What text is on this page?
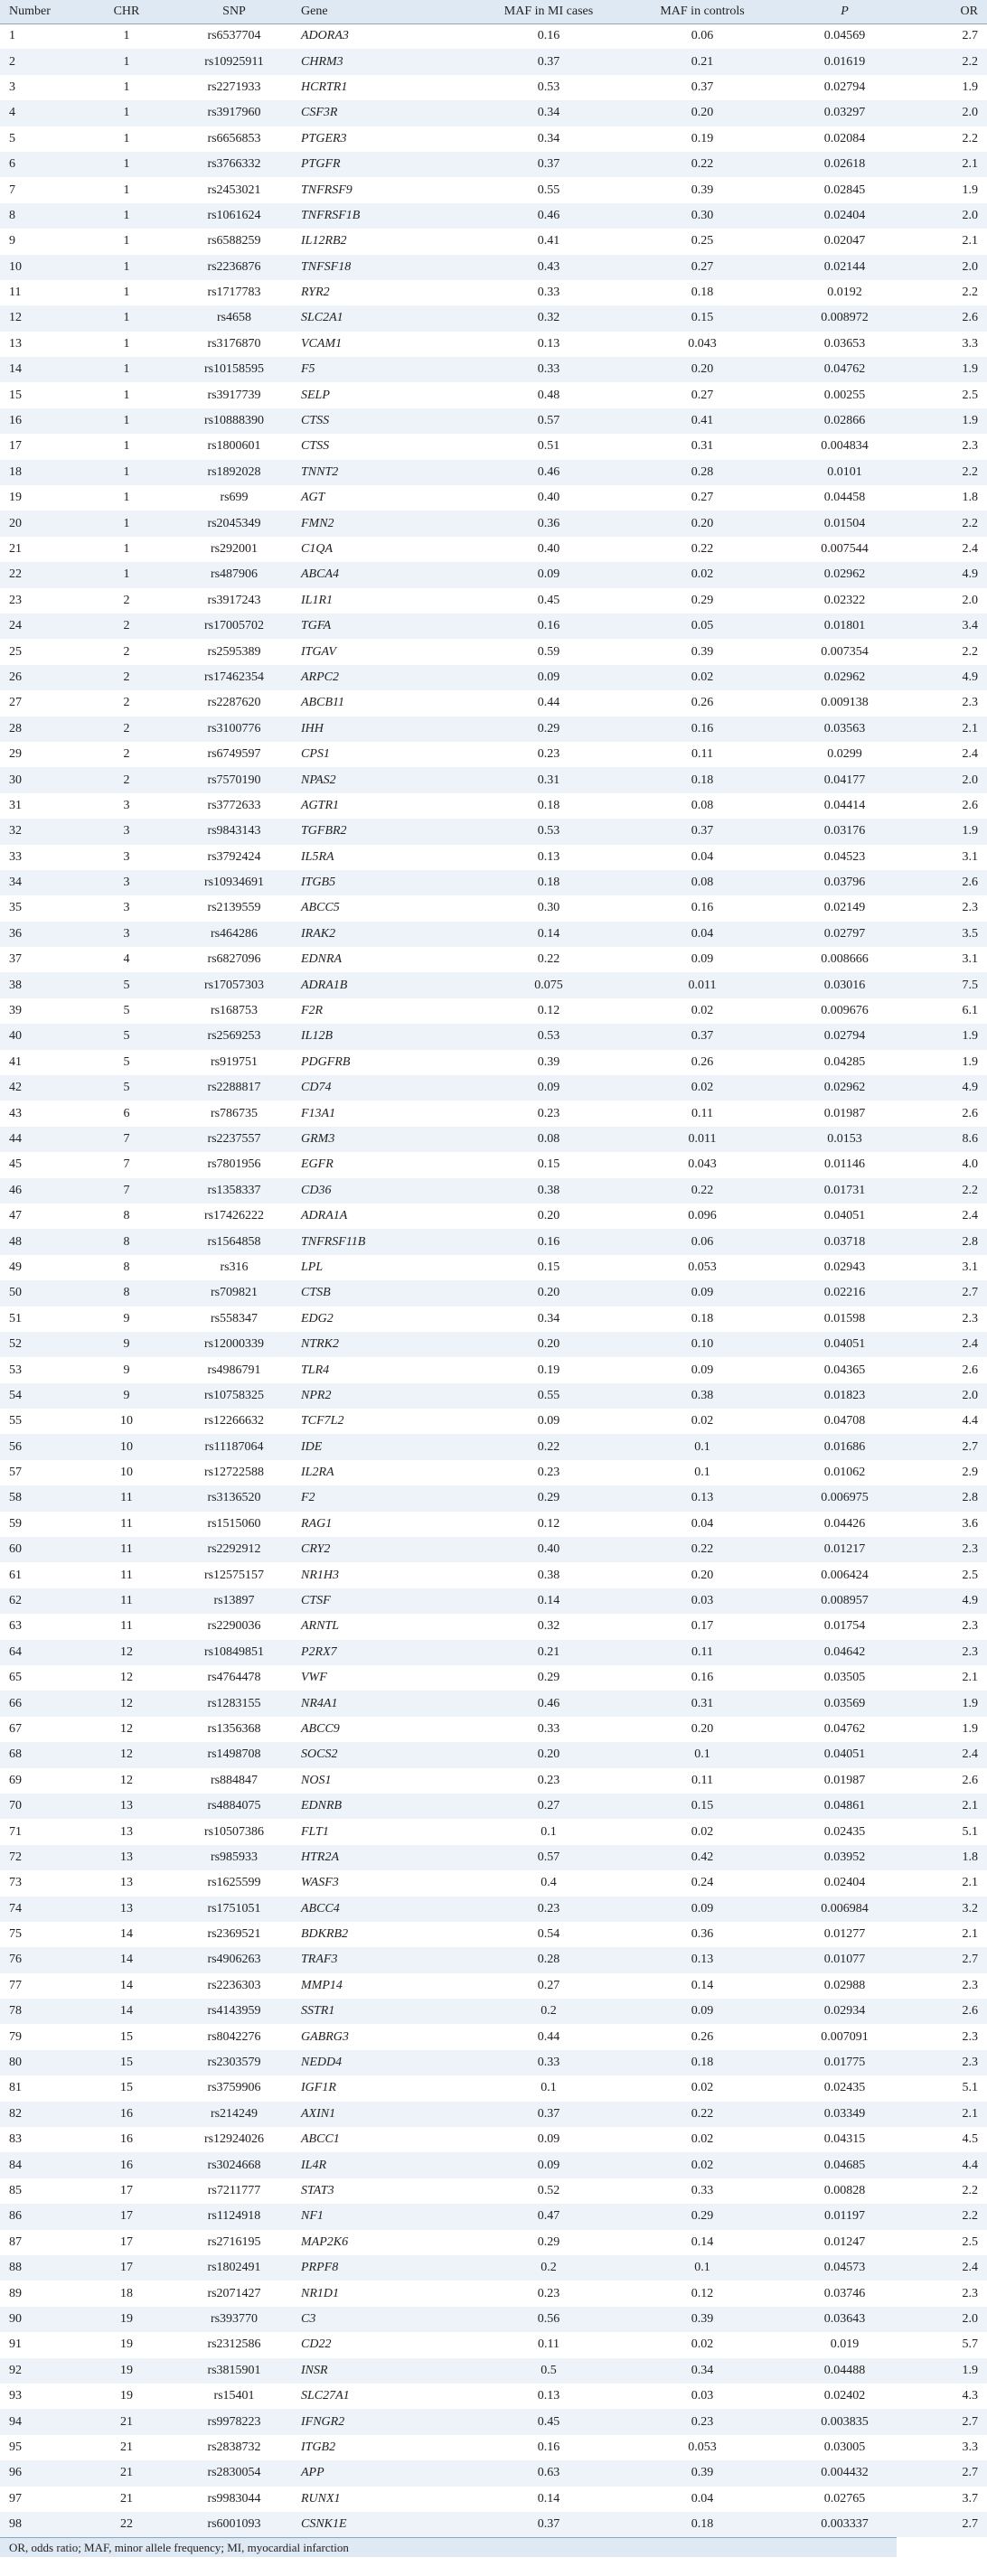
Number	CHR	SNP	Gene	MAF in MI cases	MAF in controls	P	OR
1	1	rs6537704	ADORA3	0.16	0.06	0.04569	2.7
2	1	rs10925911	CHRM3	0.37	0.21	0.01619	2.2
3	1	rs2271933	HCRTR1	0.53	0.37	0.02794	1.9
4	1	rs3917960	CSF3R	0.34	0.20	0.03297	2.0
5	1	rs6656853	PTGER3	0.34	0.19	0.02084	2.2
6	1	rs3766332	PTGFR	0.37	0.22	0.02618	2.1
7	1	rs2453021	TNFRSF9	0.55	0.39	0.02845	1.9
8	1	rs1061624	TNFRSF1B	0.46	0.30	0.02404	2.0
9	1	rs6588259	IL12RB2	0.41	0.25	0.02047	2.1
10	1	rs2236876	TNFSF18	0.43	0.27	0.02144	2.0
11	1	rs1717783	RYR2	0.33	0.18	0.0192	2.2
12	1	rs4658	SLC2A1	0.32	0.15	0.008972	2.6
13	1	rs3176870	VCAM1	0.13	0.043	0.03653	3.3
14	1	rs10158595	F5	0.33	0.20	0.04762	1.9
15	1	rs3917739	SELP	0.48	0.27	0.00255	2.5
16	1	rs10888390	CTSS	0.57	0.41	0.02866	1.9
17	1	rs1800601	CTSS	0.51	0.31	0.004834	2.3
18	1	rs1892028	TNNT2	0.46	0.28	0.0101	2.2
19	1	rs699	AGT	0.40	0.27	0.04458	1.8
20	1	rs2045349	FMN2	0.36	0.20	0.01504	2.2
21	1	rs292001	C1QA	0.40	0.22	0.007544	2.4
22	1	rs487906	ABCA4	0.09	0.02	0.02962	4.9
23	2	rs3917243	IL1R1	0.45	0.29	0.02322	2.0
24	2	rs17005702	TGFA	0.16	0.05	0.01801	3.4
25	2	rs2595389	ITGAV	0.59	0.39	0.007354	2.2
26	2	rs17462354	ARPC2	0.09	0.02	0.02962	4.9
27	2	rs2287620	ABCB11	0.44	0.26	0.009138	2.3
28	2	rs3100776	IHH	0.29	0.16	0.03563	2.1
29	2	rs6749597	CPS1	0.23	0.11	0.0299	2.4
30	2	rs7570190	NPAS2	0.31	0.18	0.04177	2.0
31	3	rs3772633	AGTR1	0.18	0.08	0.04414	2.6
32	3	rs9843143	TGFBR2	0.53	0.37	0.03176	1.9
33	3	rs3792424	IL5RA	0.13	0.04	0.04523	3.1
34	3	rs10934691	ITGB5	0.18	0.08	0.03796	2.6
35	3	rs2139559	ABCC5	0.30	0.16	0.02149	2.3
36	3	rs464286	IRAK2	0.14	0.04	0.02797	3.5
37	4	rs6827096	EDNRA	0.22	0.09	0.008666	3.1
38	5	rs17057303	ADRA1B	0.075	0.011	0.03016	7.5
39	5	rs168753	F2R	0.12	0.02	0.009676	6.1
40	5	rs2569253	IL12B	0.53	0.37	0.02794	1.9
41	5	rs919751	PDGFRB	0.39	0.26	0.04285	1.9
42	5	rs2288817	CD74	0.09	0.02	0.02962	4.9
43	6	rs786735	F13A1	0.23	0.11	0.01987	2.6
44	7	rs2237557	GRM3	0.08	0.011	0.0153	8.6
45	7	rs7801956	EGFR	0.15	0.043	0.01146	4.0
46	7	rs1358337	CD36	0.38	0.22	0.01731	2.2
47	8	rs17426222	ADRA1A	0.20	0.096	0.04051	2.4
48	8	rs1564858	TNFRSF11B	0.16	0.06	0.03718	2.8
49	8	rs316	LPL	0.15	0.053	0.02943	3.1
50	8	rs709821	CTSB	0.20	0.09	0.02216	2.7
51	9	rs558347	EDG2	0.34	0.18	0.01598	2.3
52	9	rs12000339	NTRK2	0.20	0.10	0.04051	2.4
53	9	rs4986791	TLR4	0.19	0.09	0.04365	2.6
54	9	rs10758325	NPR2	0.55	0.38	0.01823	2.0
55	10	rs12266632	TCF7L2	0.09	0.02	0.04708	4.4
56	10	rs11187064	IDE	0.22	0.1	0.01686	2.7
57	10	rs12722588	IL2RA	0.23	0.1	0.01062	2.9
58	11	rs3136520	F2	0.29	0.13	0.006975	2.8
59	11	rs1515060	RAG1	0.12	0.04	0.04426	3.6
60	11	rs2292912	CRY2	0.40	0.22	0.01217	2.3
61	11	rs12575157	NR1H3	0.38	0.20	0.006424	2.5
62	11	rs13897	CTSF	0.14	0.03	0.008957	4.9
63	11	rs2290036	ARNTL	0.32	0.17	0.01754	2.3
64	12	rs10849851	P2RX7	0.21	0.11	0.04642	2.3
65	12	rs4764478	VWF	0.29	0.16	0.03505	2.1
66	12	rs1283155	NR4A1	0.46	0.31	0.03569	1.9
67	12	rs1356368	ABCC9	0.33	0.20	0.04762	1.9
68	12	rs1498708	SOCS2	0.20	0.1	0.04051	2.4
69	12	rs884847	NOS1	0.23	0.11	0.01987	2.6
70	13	rs4884075	EDNRB	0.27	0.15	0.04861	2.1
71	13	rs10507386	FLT1	0.1	0.02	0.02435	5.1
72	13	rs985933	HTR2A	0.57	0.42	0.03952	1.8
73	13	rs1625599	WASF3	0.4	0.24	0.02404	2.1
74	13	rs1751051	ABCC4	0.23	0.09	0.006984	3.2
75	14	rs2369521	BDKRB2	0.54	0.36	0.01277	2.1
76	14	rs4906263	TRAF3	0.28	0.13	0.01077	2.7
77	14	rs2236303	MMP14	0.27	0.14	0.02988	2.3
78	14	rs4143959	SSTR1	0.2	0.09	0.02934	2.6
79	15	rs8042276	GABRG3	0.44	0.26	0.007091	2.3
80	15	rs2303579	NEDD4	0.33	0.18	0.01775	2.3
81	15	rs3759906	IGF1R	0.1	0.02	0.02435	5.1
82	16	rs214249	AXIN1	0.37	0.22	0.03349	2.1
83	16	rs12924026	ABCC1	0.09	0.02	0.04315	4.5
84	16	rs3024668	IL4R	0.09	0.02	0.04685	4.4
85	17	rs7211777	STAT3	0.52	0.33	0.00828	2.2
86	17	rs1124918	NF1	0.47	0.29	0.01197	2.2
87	17	rs2716195	MAP2K6	0.29	0.14	0.01247	2.5
88	17	rs1802491	PRPF8	0.2	0.1	0.04573	2.4
89	18	rs2071427	NR1D1	0.23	0.12	0.03746	2.3
90	19	rs393770	C3	0.56	0.39	0.03643	2.0
91	19	rs2312586	CD22	0.11	0.02	0.019	5.7
92	19	rs3815901	INSR	0.5	0.34	0.04488	1.9
93	19	rs15401	SLC27A1	0.13	0.03	0.02402	4.3
94	21	rs9978223	IFNGR2	0.45	0.23	0.003835	2.7
95	21	rs2838732	ITGB2	0.16	0.053	0.03005	3.3
96	21	rs2830054	APP	0.63	0.39	0.004432	2.7
97	21	rs9983044	RUNX1	0.14	0.04	0.02765	3.7
98	22	rs6001093	CSNK1E	0.37	0.18	0.003337	2.7
OR, odds ratio; MAF, minor allele frequency; MI, myocardial infarction
